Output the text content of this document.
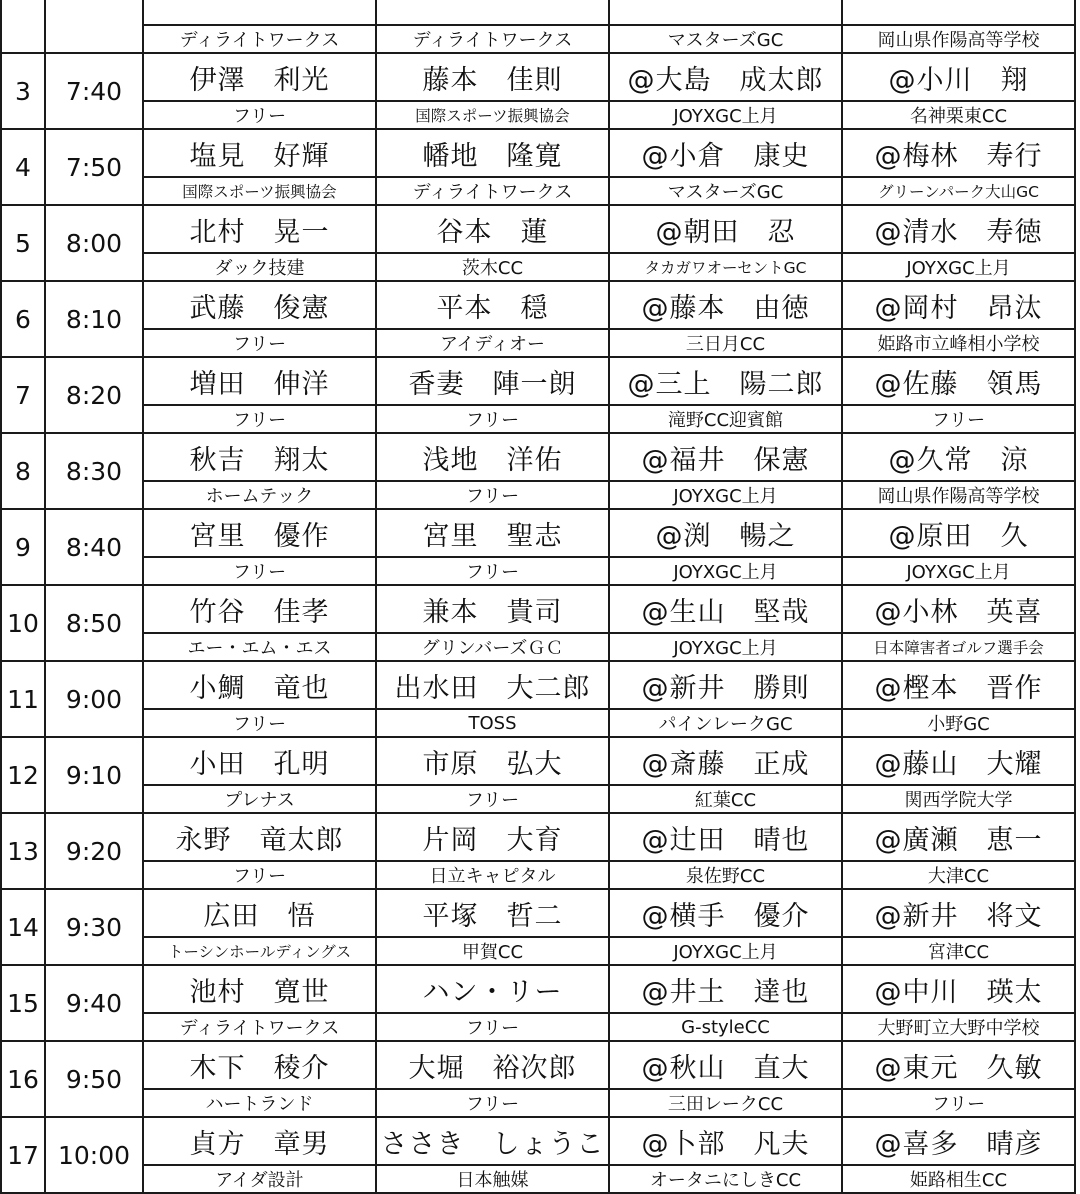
		ディライトワークス	ディライトワークス	マスターズGC	岡山県作陽高等学校
3	7:40	伊澤　利光	藤本　佳則	@大島　成太郎	@小川　翔
		フリー	国際スポーツ振興協会	JOYXGC上月	名神栗東CC
4	7:50	塩見　好輝	幡地　隆寛	@小倉　康史	@梅林　寿行
		国際スポーツ振興協会	ディライトワークス	マスターズGC	グリーンパーク大山GC
5	8:00	北村　晃一	谷本　蓮	@朝田　忍	@清水　寿徳
		ダック技建	茨木CC	タカガワオーセントGC	JOYXGC上月
6	8:10	武藤　俊憲	平本　穏	@藤本　由徳	@岡村　昂汰
		フリー	アイディオー	三日月CC	姫路市立峰相小学校
7	8:20	増田　伸洋	香妻　陣一朗	@三上　陽二郎	@佐藤　領馬
		フリー	フリー	滝野CC迎賓館	フリー
8	8:30	秋吉　翔太	浅地　洋佑	@福井　保憲	@久常　涼
		ホームテック	フリー	JOYXGC上月	岡山県作陽高等学校
9	8:40	宮里　優作	宮里　聖志	@渕　暢之	@原田　久
		フリー	フリー	JOYXGC上月	JOYXGC上月
10	8:50	竹谷　佳孝	兼本　貴司	@生山　堅哉	@小林　英喜
		エー・エム・エス	グリンバーズＧＣ	JOYXGC上月	日本障害者ゴルフ選手会
11	9:00	小鯛　竜也	出水田　大二郎	@新井　勝則	@樫本　晋作
		フリー	TOSS	パインレークGC	小野GC
12	9:10	小田　孔明	市原　弘大	@斎藤　正成	@藤山　大耀
		プレナス	フリー	紅葉CC	関西学院大学
13	9:20	永野　竜太郎	片岡　大育	@辻田　晴也	@廣瀬　恵一
		フリー	日立キャピタル	泉佐野CC	大津CC
14	9:30	広田　悟	平塚　哲二	@横手　優介	@新井　将文
		トーシンホールディングス	甲賀CC	JOYXGC上月	宮津CC
15	9:40	池村　寛世	ハン・リー	@井土　達也	@中川　瑛太
		ディライトワークス	フリー	G-styleCC	大野町立大野中学校
16	9:50	木下　稜介	大堀　裕次郎	@秋山　直大	@東元　久敏
		ハートランド	フリー	三田レークCC	フリー
17	10:00	貞方　章男	ささき　しょうこ	@卜部　凡夫	@喜多　晴彦
		アイダ設計	日本触媒	オータニにしきCC	姫路相生CC
